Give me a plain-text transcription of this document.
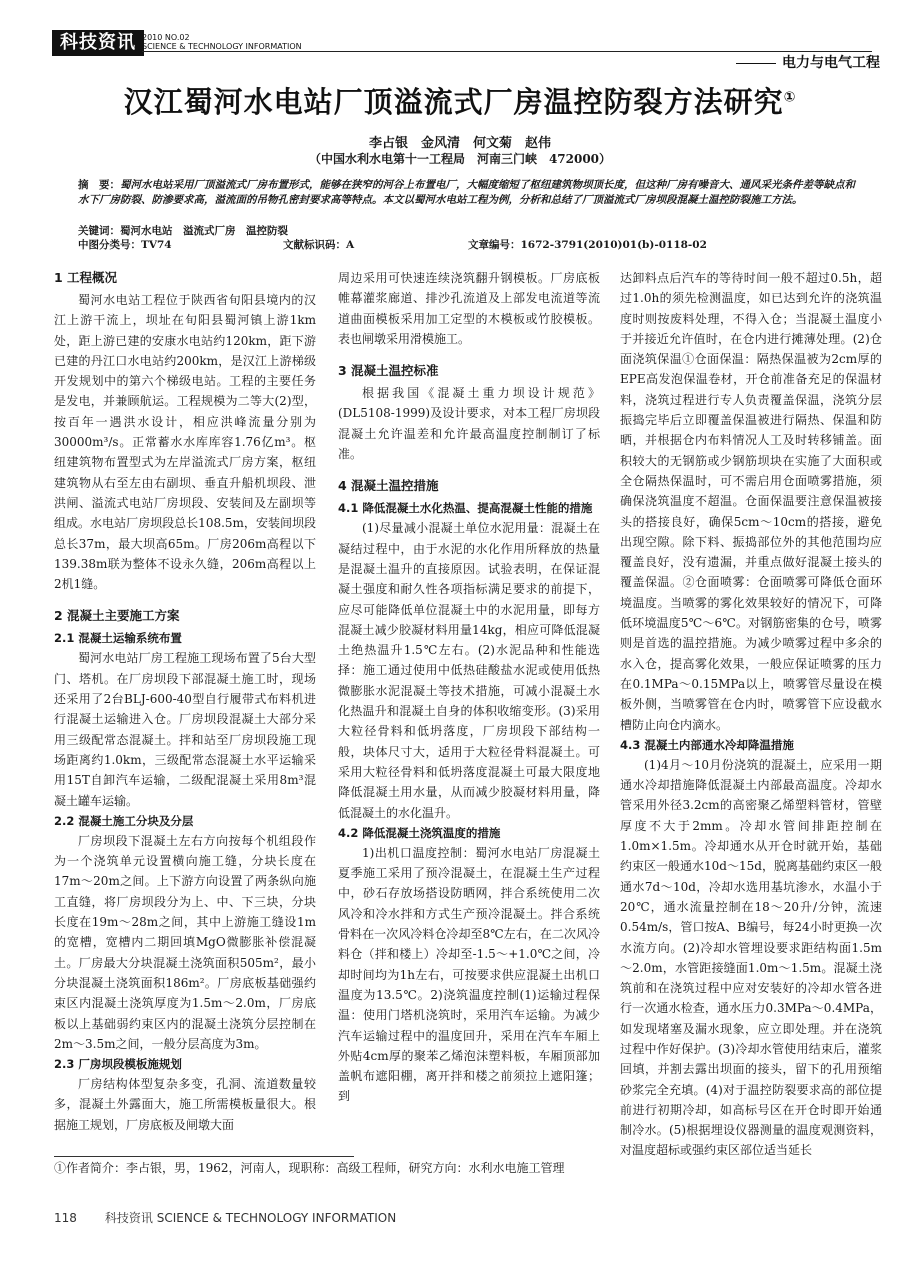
科技资讯 2010 NO.02
SCIENCE & TECHNOLOGY INFORMATION
电力与电气工程
汉江蜀河水电站厂顶溢流式厂房温控防裂方法研究①
李占银　金风清　何文菊　赵伟
（中国水利水电第十一工程局　河南三门峡　472000）
摘　要：蜀河水电站采用厂顶溢流式厂房布置形式，能够在狭窄的河谷上布置电厂，大幅度缩短了枢纽建筑物坝顶长度，但这种厂房有噪音大、通风采光条件差等缺点和水下厂房防裂、防渗要求高，溢流面的吊物孔密封要求高等特点。本文以蜀河水电站工程为例，分析和总结了厂顶溢流式厂房坝段混凝土温控防裂施工方法。
关键词：蜀河水电站　溢流式厂房　温控防裂
中图分类号：TV74	文献标识码：A	文章编号：1672-3791(2010)01(b)-0118-02
1 工程概况

蜀河水电站工程位于陕西省旬阳县境内的汉江上游干流上，坝址在旬阳县蜀河镇上游1km处，距上游已建的安康水电站约120km，距下游已建的丹江口水电站约200km，是汉江上游梯级开发规划中的第六个梯级电站。工程的主要任务是发电，并兼顾航运。工程规模为二等大(2)型，按百年一遇洪水设计，相应洪峰流量分别为30000m³/s。正常蓄水水库库容1.76亿m³。枢纽建筑物布置型式为左岸溢流式厂房方案，枢纽建筑物从右至左由右副坝、垂直升船机坝段、泄洪闸、溢流式电站厂房坝段、安装间及左副坝等组成。水电站厂房坝段总长108.5m，安装间坝段总长37m，最大坝高65m。厂房206m高程以下139.38m联为整体不设永久缝，206m高程以上2机1缝。

2 混凝土主要施工方案
2.1 混凝土运输系统布置

蜀河水电站厂房工程施工现场布置了5台大型门、塔机。在厂房坝段下部混凝土施工时，现场还采用了2台BLJ-600-40型自行履带式布料机进行混凝土运输进入仓。厂房坝段混凝土大部分采用三级配常态混凝土。拌和站至厂房坝段施工现场距离约1.0km，三级配常态混凝土水平运输采用15T自卸汽车运输，二级配混凝土采用8m³混凝土罐车运输。

2.2 混凝土施工分块及分层

厂房坝段下混凝土左右方向按每个机组段作为一个浇筑单元设置横向施工缝，分块长度在17m～20m之间。上下游方向设置了两条纵向施工直缝，将厂房坝段分为上、中、下三块，分块长度在19m～28m之间，其中上游施工缝设1m的宽槽，宽槽内二期回填MgO微膨胀补偿混凝土。厂房最大分块混凝土浇筑面积505m²，最小分块混凝土浇筑面积186m²。厂房底板基础强约束区内混凝土浇筑厚度为1.5m～2.0m，厂房底板以上基础弱约束区内的混凝土浇筑分层控制在2m～3.5m之间，一般分层高度为3m。

2.3 厂房坝段模板施规划

厂房结构体型复杂多变，孔洞、流道数量较多，混凝土外露面大，施工所需模板量很大。根据施工规划，厂房底板及闸墩大面

周边采用可快速连续浇筑翻升钢模板。厂房底板帷幕灌浆廊道、排沙孔流道及上部发电流道等流道曲面模板采用加工定型的木模板或竹胶模板。表也闸墩采用滑模施工。

3 混凝土温控标准

根据我国《混凝土重力坝设计规范》(DL5108-1999)及设计要求，对本工程厂房坝段混凝土允许温差和允许最高温度控制制订了标准。

4 混凝土温控措施
4.1 降低混凝土水化热温、提高混凝土性能的措施

(1)尽量减小混凝土单位水泥用量：混凝土在凝结过程中，由于水泥的水化作用所释放的热量是混凝土温升的直接原因。试验表明，在保证混凝土强度和耐久性各项指标满足要求的前提下，应尽可能降低单位混凝土中的水泥用量，即每方混凝土减少胶凝材料用量14kg，相应可降低混凝土绝热温升1.5℃左右。(2)水泥品种和性能选择：施工通过使用中低热硅酸盐水泥或使用低热微膨胀水泥混凝土等技术措施，可减小混凝土水化热温升和混凝土自身的体积收缩变形。(3)采用大粒径骨料和低坍落度，厂房坝段下部结构一般，块体尺寸大，适用于大粒径骨料混凝土。可采用大粒径骨料和低坍落度混凝土可最大限度地降低混凝土用水量，从而减少胶凝材料用量，降低混凝土的水化温升。

4.2 降低混凝土浇筑温度的措施

1)出机口温度控制：蜀河水电站厂房混凝土夏季施工采用了预冷混凝土，在混凝土生产过程中，砂石存放场搭设防晒网，拌合系统使用二次风冷和冷水拌和方式生产预冷混凝土。拌合系统骨料在一次风冷料仓冷却至8℃左右，在二次风冷料仓（拌和楼上）冷却至-1.5～+1.0℃之间，冷却时间均为1h左右，可按要求供应混凝土出机口温度为13.5℃。2)浇筑温度控制(1)运输过程保温：使用门塔机浇筑时，采用汽车运输。为减少汽车运输过程中的温度回升，采用在汽车车厢上外贴4cm厚的聚苯乙烯泡沫塑料板，车厢顶部加盖帆布遮阳棚，离开拌和楼之前须拉上遮阳篷；到

达卸料点后汽车的等待时间一般不超过0.5h，超过1.0h的须先检测温度，如已达到允许的浇筑温度时则按废料处理，不得入仓；当混凝土温度小于并接近允许值时，在仓内进行摊薄处理。(2)仓面浇筑保温①仓面保温：隔热保温被为2cm厚的EPE高发泡保温卷材，开仓前准备充足的保温材料，浇筑过程进行专人负责覆盖保温，浇筑分层振捣完毕后立即覆盖保温被进行隔热、保温和防晒，并根据仓内布料情况人工及时转移铺盖。面积较大的无钢筋或少钢筋坝块在实施了大面积或全仓隔热保温时，可不需启用仓面喷雾措施，须确保浇筑温度不超温。仓面保温要注意保温被接头的搭接良好，确保5cm～10cm的搭接，避免出现空隙。除下料、振捣部位外的其他范围均应覆盖良好，没有遗漏，并重点做好混凝土接头的覆盖保温。②仓面喷雾：仓面喷雾可降低仓面环境温度。当喷雾的雾化效果较好的情况下，可降低环境温度5℃～6℃。对钢筋密集的仓号，喷雾则是首选的温控措施。为减少喷雾过程中多余的水入仓，提高雾化效果，一般应保证喷雾的压力在0.1MPa～0.15MPa以上，喷雾管尽量设在模板外侧，当喷雾管在仓内时，喷雾管下应设截水槽防止向仓内滴水。

4.3 混凝土内部通水冷却降温措施

(1)4月～10月份浇筑的混凝土，应采用一期通水冷却措施降低混凝土内部最高温度。冷却水管采用外径3.2cm的高密聚乙烯塑料管材，管壁厚度不大于2mm。冷却水管间排距控制在1.0m×1.5m。冷却通水从开仓时就开始，基础约束区一般通水10d～15d，脱离基础约束区一般通水7d～10d，冷却水选用基坑渗水，水温小于20℃，通水流量控制在18～20升/分钟，流速0.54m/s，管口按A、B编号，每24小时更换一次水流方向。(2)冷却水管埋设要求距结构面1.5m～2.0m，水管距接缝面1.0m～1.5m。混凝土浇筑前和在浇筑过程中应对安装好的冷却水管各进行一次通水检查，通水压力0.3MPa～0.4MPa，如发现堵塞及漏水现象，应立即处理。并在浇筑过程中作好保护。(3)冷却水管使用结束后，灌浆回填，并割去露出坝面的接头，留下的孔用预缩砂浆完全充填。(4)对于温控防裂要求高的部位提前进行初期冷却，如高标号区在开仓时即开始通制冷水。(5)根据埋设仪器测量的温度观测资料，对温度超标或强约束区部位适当延长

①作者简介：李占银，男，1962，河南人，现职称：高级工程师，研究方向：水利水电施工管理
118 科技资讯 SCIENCE & TECHNOLOGY INFORMATION
